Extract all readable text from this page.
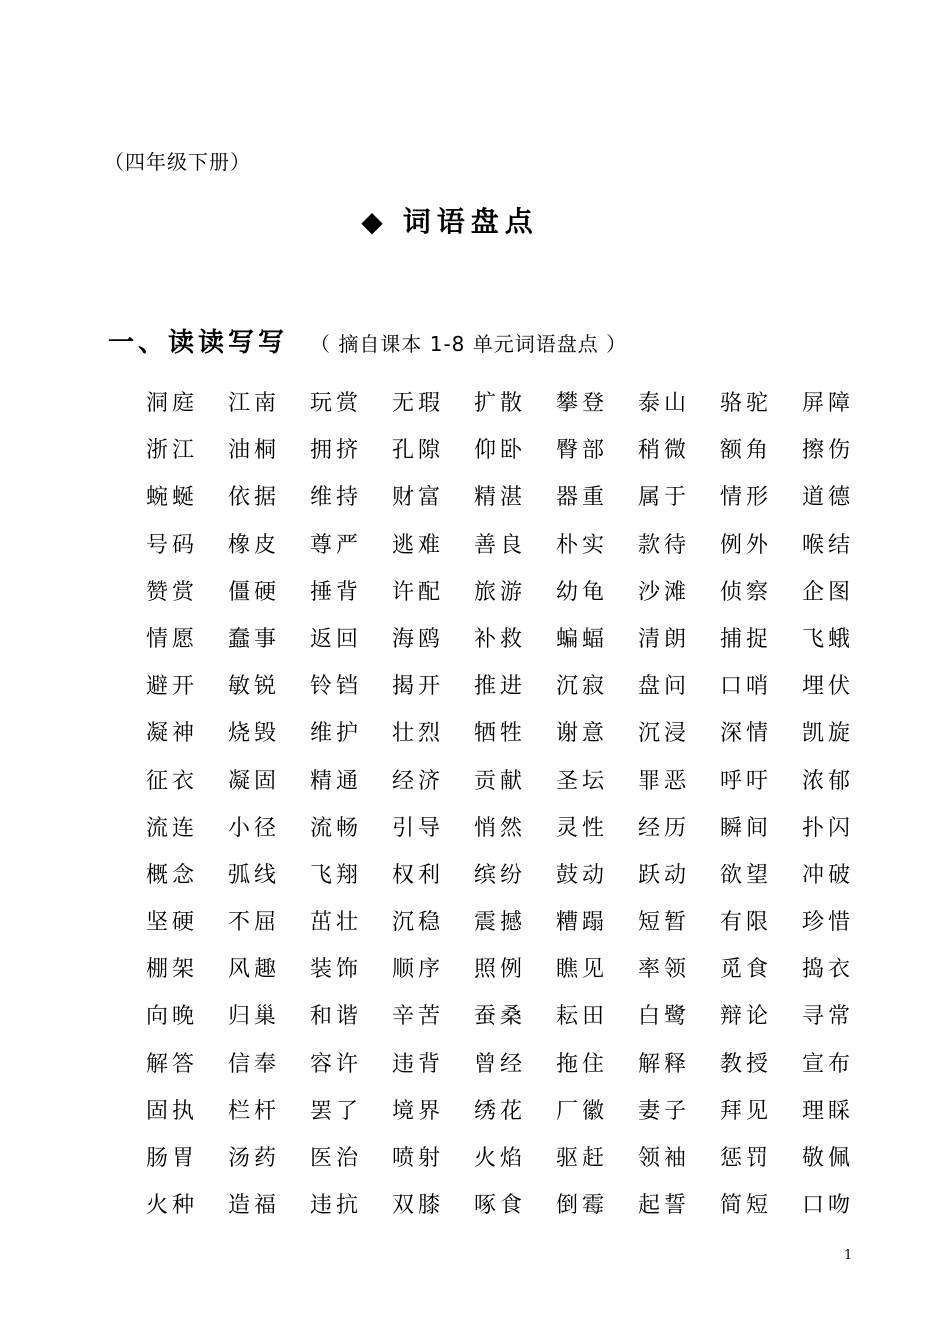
（四年级下册）
◆ 词语盘点
一、读读写写 （ 摘自课本 1-8 单元词语盘点 ）
洞庭	江南	玩赏	无瑕	扩散	攀登	泰山	骆驼	屏障
浙江	油桐	拥挤	孔隙	仰卧	臀部	稍微	额角	擦伤
蜿蜒	依据	维持	财富	精湛	器重	属于	情形	道德
号码	橡皮	尊严	逃难	善良	朴实	款待	例外	喉结
赞赏	僵硬	捶背	许配	旅游	幼龟	沙滩	侦察	企图
情愿	蠢事	返回	海鸥	补救	蝙蝠	清朗	捕捉	飞蛾
避开	敏锐	铃铛	揭开	推进	沉寂	盘问	口哨	埋伏
凝神	烧毁	维护	壮烈	牺牲	谢意	沉浸	深情	凯旋
征衣	凝固	精通	经济	贡献	圣坛	罪恶	呼吁	浓郁
流连	小径	流畅	引导	悄然	灵性	经历	瞬间	扑闪
概念	弧线	飞翔	权利	缤纷	鼓动	跃动	欲望	冲破
坚硬	不屈	茁壮	沉稳	震撼	糟蹋	短暂	有限	珍惜
棚架	风趣	装饰	顺序	照例	瞧见	率领	觅食	捣衣
向晚	归巢	和谐	辛苦	蚕桑	耘田	白鹭	辩论	寻常
解答	信奉	容许	违背	曾经	拖住	解释	教授	宣布
固执	栏杆	罢了	境界	绣花	厂徽	妻子	拜见	理睬
肠胃	汤药	医治	喷射	火焰	驱赶	领袖	惩罚	敬佩
火种	造福	违抗	双膝	啄食	倒霉	起誓	简短	口吻
1
